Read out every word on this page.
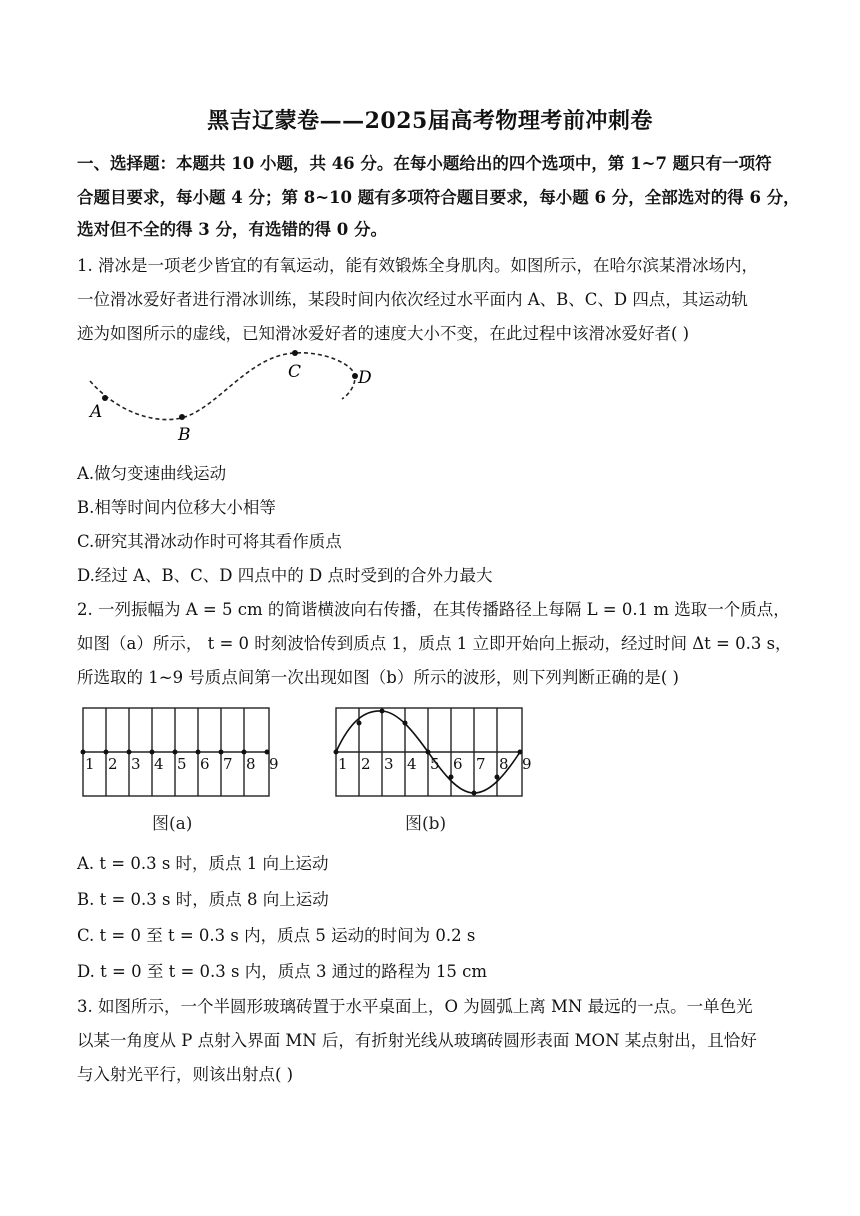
黑吉辽蒙卷——2025届高考物理考前冲刺卷
一、选择题：本题共 10 小题，共 46 分。在每小题给出的四个选项中，第 1~7 题只有一项符
合题目要求，每小题 4 分；第 8~10 题有多项符合题目要求，每小题 6 分，全部选对的得 6 分，
选对但不全的得 3 分，有选错的得 0 分。
1. 滑冰是一项老少皆宜的有氧运动，能有效锻炼全身肌肉。如图所示，在哈尔滨某滑冰场内，
一位滑冰爱好者进行滑冰训练，某段时间内依次经过水平面内 A、B、C、D 四点，其运动轨
迹为如图所示的虚线，已知滑冰爱好者的速度大小不变，在此过程中该滑冰爱好者( )
A
B
C	D
A.做匀变速曲线运动
B.相等时间内位移大小相等
C.研究其滑冰动作时可将其看作质点
D.经过 A、B、C、D 四点中的 D 点时受到的合外力最大
2. 一列振幅为 A = 5 cm 的简谐横波向右传播，在其传播路径上每隔 L = 0.1 m 选取一个质点，
如图（a）所示， t = 0 时刻波恰传到质点 1，质点 1 立即开始向上振动，经过时间 Δt = 0.3 s，
所选取的 1~9 号质点间第一次出现如图（b）所示的波形，则下列判断正确的是( )
1 2 3 4 5 6 7 8 9
图(a)
1 2 3 4 5 6 7 8 9
图(b)
A. t = 0.3 s 时，质点 1 向上运动
B. t = 0.3 s 时，质点 8 向上运动
C. t = 0 至 t = 0.3 s 内，质点 5 运动的时间为 0.2 s
D. t = 0 至 t = 0.3 s 内，质点 3 通过的路程为 15 cm
3. 如图所示，一个半圆形玻璃砖置于水平桌面上，O 为圆弧上离 MN 最远的一点。一单色光
以某一角度从 P 点射入界面 MN 后，有折射光线从玻璃砖圆形表面 MON 某点射出，且恰好
与入射光平行，则该出射点( )
